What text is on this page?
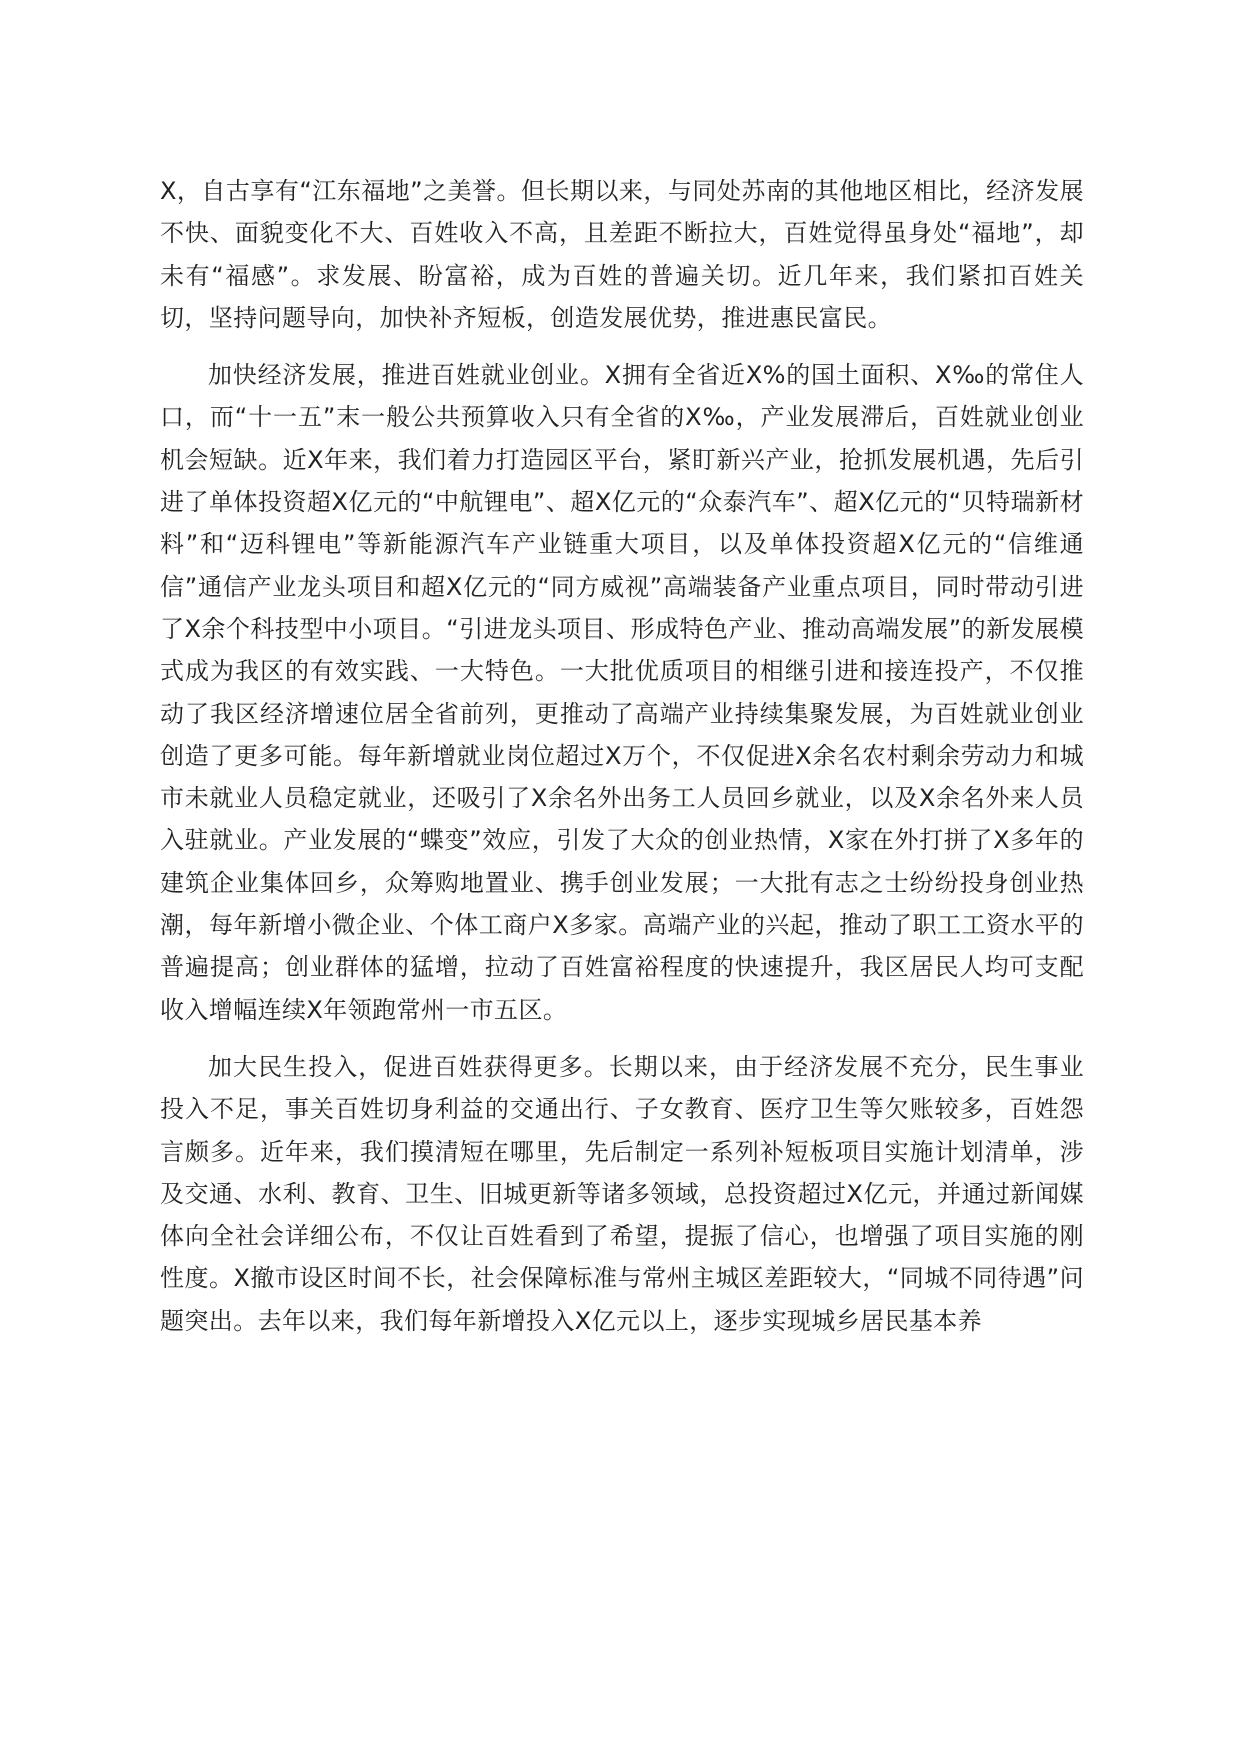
X，自古享有“江东福地”之美誉。但长期以来，与同处苏南的其他地区相比，经济发展不快、面貌变化不大、百姓收入不高，且差距不断拉大，百姓觉得虽身处“福地”，却未有“福感”。求发展、盼富裕，成为百姓的普遍关切。近几年来，我们紧扣百姓关切，坚持问题导向，加快补齐短板，创造发展优势，推进惠民富民。

加快经济发展，推进百姓就业创业。X拥有全省近X%的国土面积、X‰的常住人口，而“十一五”末一般公共预算收入只有全省的X‰，产业发展滞后，百姓就业创业机会短缺。近X年来，我们着力打造园区平台，紧盯新兴产业，抢抓发展机遇，先后引进了单体投资超X亿元的“中航锂电”、超X亿元的“众泰汽车”、超X亿元的“贝特瑞新材料”和“迈科锂电”等新能源汽车产业链重大项目，以及单体投资超X亿元的“信维通信”通信产业龙头项目和超X亿元的“同方威视”高端装备产业重点项目，同时带动引进了X余个科技型中小项目。“引进龙头项目、形成特色产业、推动高端发展”的新发展模式成为我区的有效实践、一大特色。一大批优质项目的相继引进和接连投产，不仅推动了我区经济增速位居全省前列，更推动了高端产业持续集聚发展，为百姓就业创业创造了更多可能。每年新增就业岗位超过X万个，不仅促进X余名农村剩余劳动力和城市未就业人员稳定就业，还吸引了X余名外出务工人员回乡就业，以及X余名外来人员入驻就业。产业发展的“蝶变”效应，引发了大众的创业热情，X家在外打拼了X多年的建筑企业集体回乡，众筹购地置业、携手创业发展；一大批有志之士纷纷投身创业热潮，每年新增小微企业、个体工商户X多家。高端产业的兴起，推动了职工工资水平的普遍提高；创业群体的猛增，拉动了百姓富裕程度的快速提升，我区居民人均可支配收入增幅连续X年领跑常州一市五区。

加大民生投入，促进百姓获得更多。长期以来，由于经济发展不充分，民生事业投入不足，事关百姓切身利益的交通出行、子女教育、医疗卫生等欠账较多，百姓怨言颇多。近年来，我们摸清短在哪里，先后制定一系列补短板项目实施计划清单，涉及交通、水利、教育、卫生、旧城更新等诸多领域，总投资超过X亿元，并通过新闻媒体向全社会详细公布，不仅让百姓看到了希望，提振了信心，也增强了项目实施的刚性度。X撤市设区时间不长，社会保障标准与常州主城区差距较大，“同城不同待遇”问题突出。去年以来，我们每年新增投入X亿元以上，逐步实现城乡居民基本养
